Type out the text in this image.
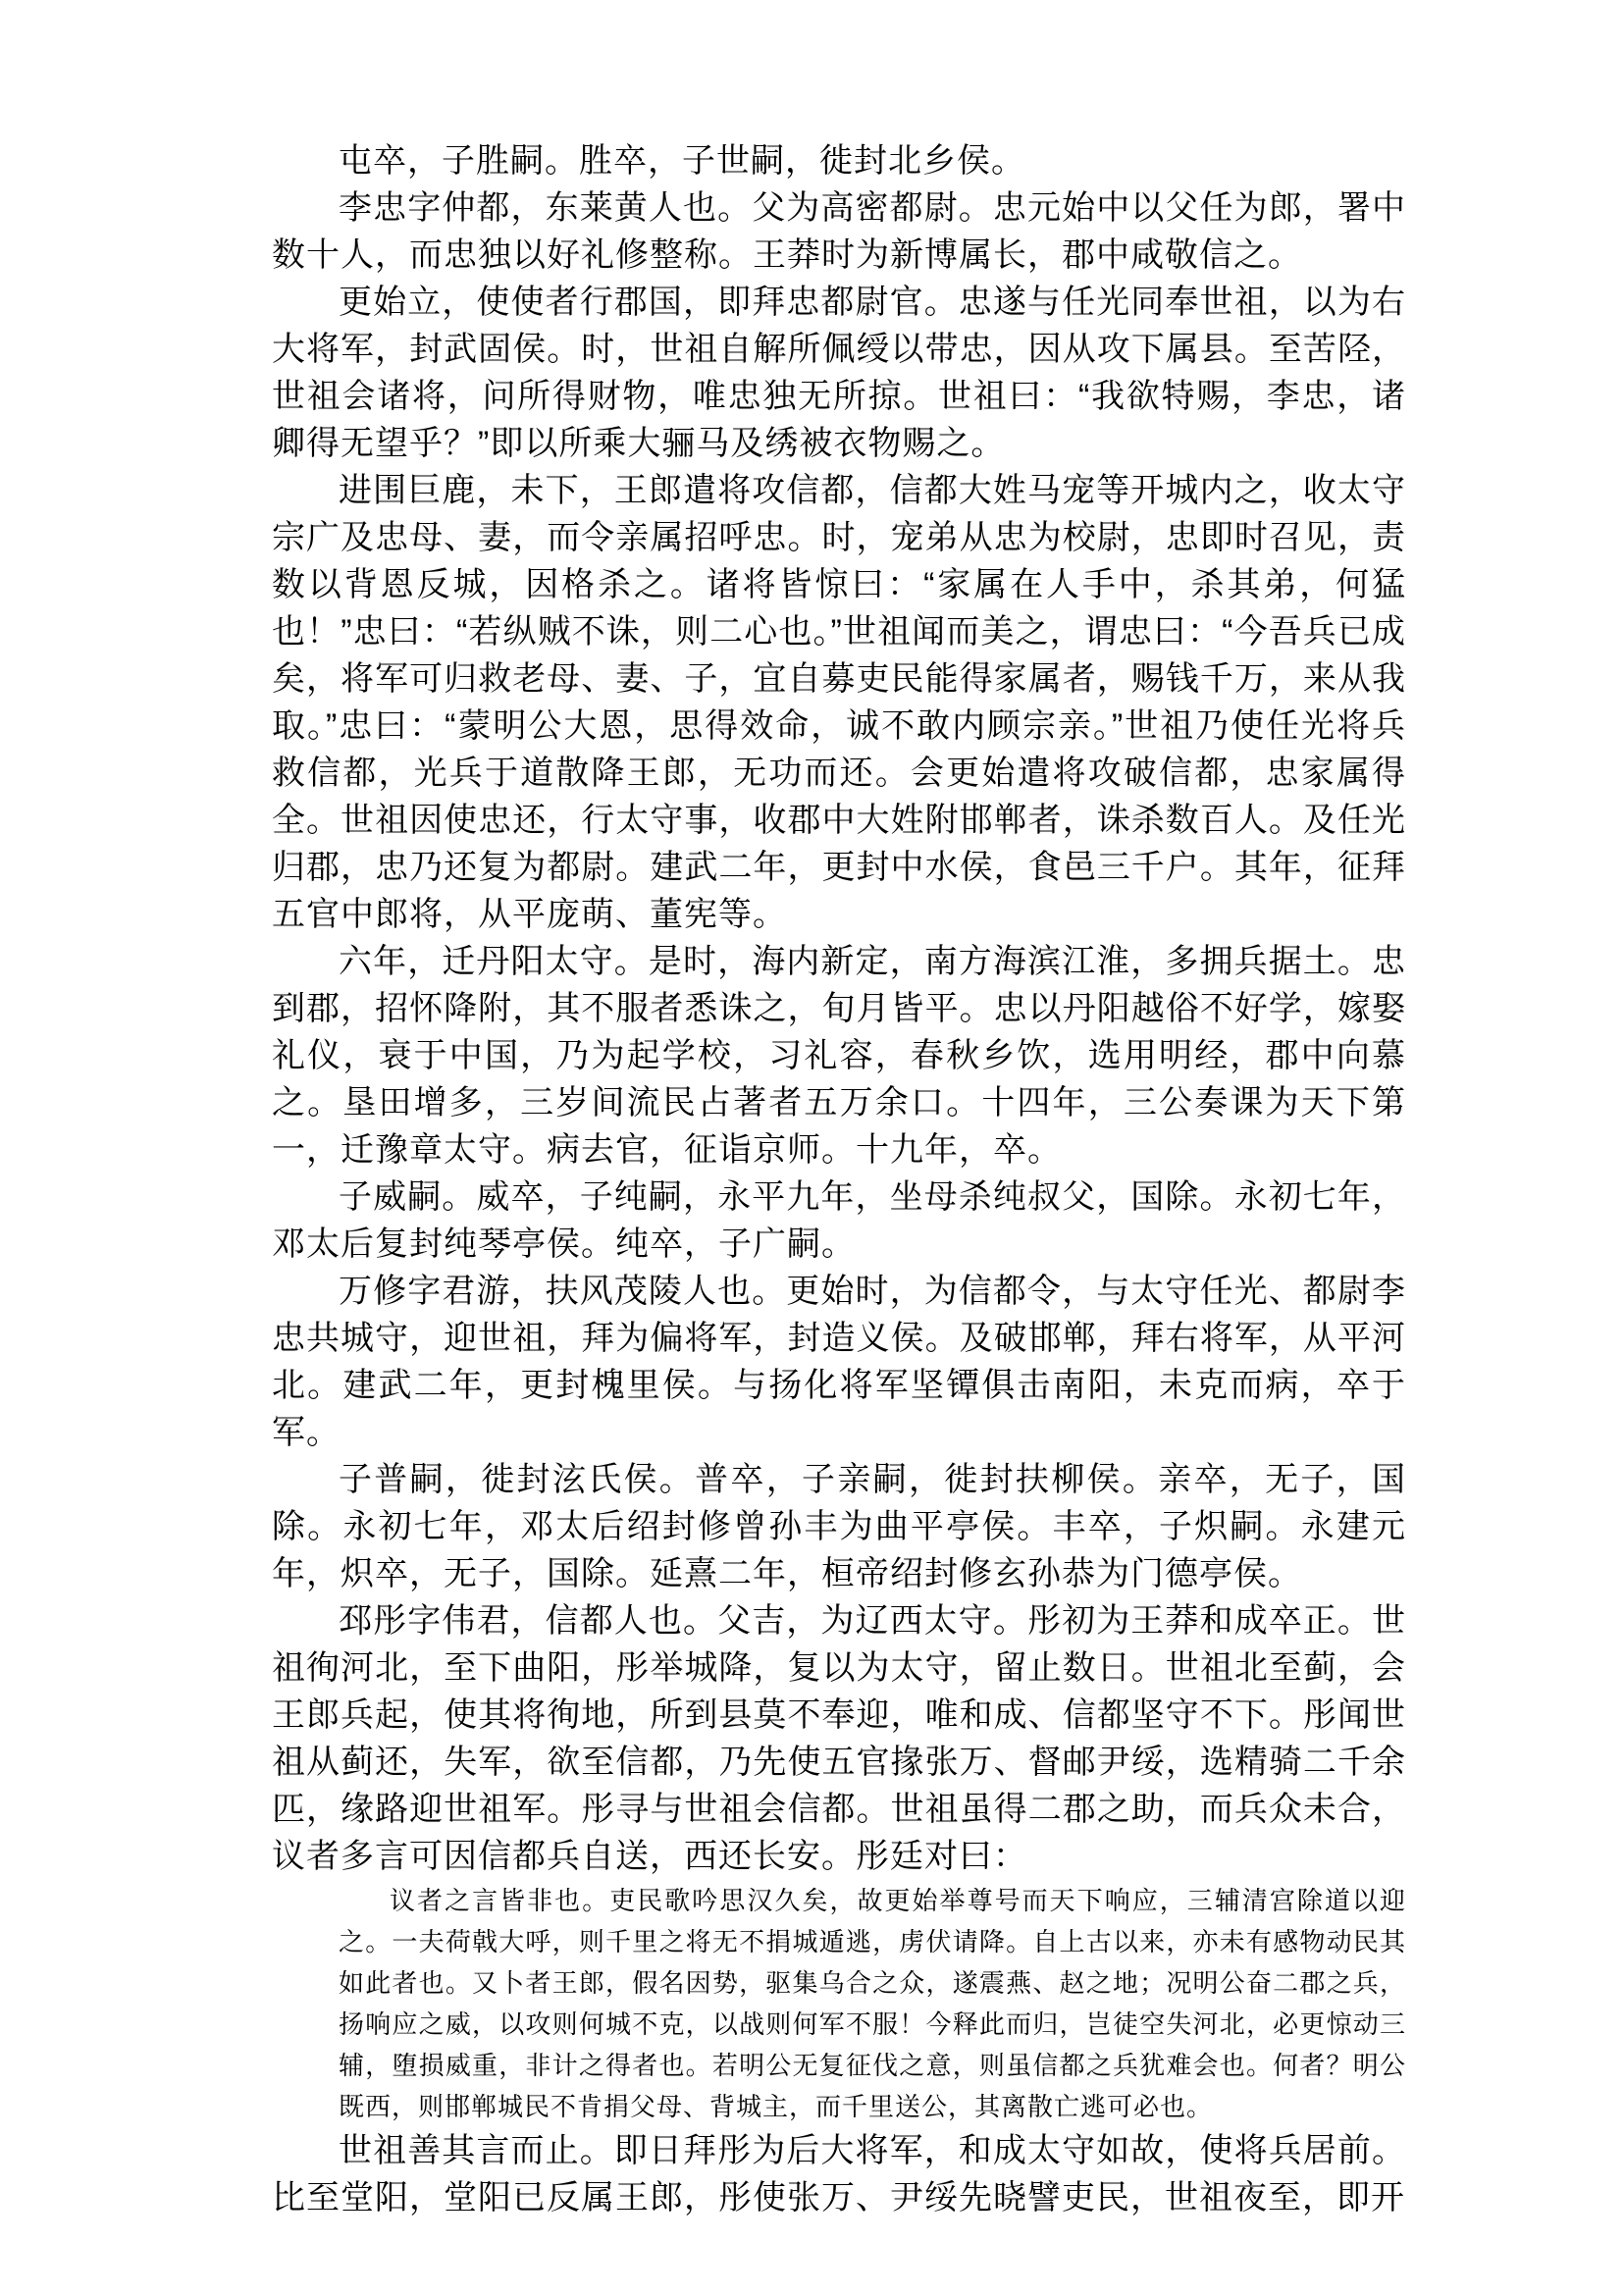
屯卒，子胜嗣。胜卒，子世嗣，徙封北乡侯。

李忠字仲都，东莱黄人也。父为高密都尉。忠元始中以父任为郎，署中数十人，而忠独以好礼修整称。王莽时为新博属长，郡中咸敬信之。

更始立，使使者行郡国，即拜忠都尉官。忠遂与任光同奉世祖，以为右大将军，封武固侯。时，世祖自解所佩绶以带忠，因从攻下属县。至苦陉，世祖会诸将，问所得财物，唯忠独无所掠。世祖曰：“我欲特赐，李忠，诸卿得无望乎？”即以所乘大骊马及绣被衣物赐之。

进围巨鹿，未下，王郎遣将攻信都，信都大姓马宠等开城内之，收太守宗广及忠母、妻，而令亲属招呼忠。时，宠弟从忠为校尉，忠即时召见，责数以背恩反城，因格杀之。诸将皆惊曰：“家属在人手中，杀其弟，何猛也！”忠曰：“若纵贼不诛，则二心也。”世祖闻而美之，谓忠曰：“今吾兵已成矣，将军可归救老母、妻、子，宜自募吏民能得家属者，赐钱千万，来从我取。”忠曰：“蒙明公大恩，思得效命，诚不敢内顾宗亲。”世祖乃使任光将兵救信都，光兵于道散降王郎，无功而还。会更始遣将攻破信都，忠家属得全。世祖因使忠还，行太守事，收郡中大姓附邯郸者，诛杀数百人。及任光归郡，忠乃还复为都尉。建武二年，更封中水侯，食邑三千户。其年，征拜五官中郎将，从平庞萌、董宪等。

六年，迁丹阳太守。是时，海内新定，南方海滨江淮，多拥兵据土。忠到郡，招怀降附，其不服者悉诛之，旬月皆平。忠以丹阳越俗不好学，嫁娶礼仪，衰于中国，乃为起学校，习礼容，春秋乡饮，选用明经，郡中向慕之。垦田增多，三岁间流民占著者五万余口。十四年，三公奏课为天下第一，迁豫章太守。病去官，征诣京师。十九年，卒。

子威嗣。威卒，子纯嗣，永平九年，坐母杀纯叔父，国除。永初七年，邓太后复封纯琴亭侯。纯卒，子广嗣。

万修字君游，扶风茂陵人也。更始时，为信都令，与太守任光、都尉李忠共城守，迎世祖，拜为偏将军，封造义侯。及破邯郸，拜右将军，从平河北。建武二年，更封槐里侯。与扬化将军坚镡俱击南阳，未克而病，卒于军。

子普嗣，徙封泫氏侯。普卒，子亲嗣，徙封扶柳侯。亲卒，无子，国除。永初七年，邓太后绍封修曾孙丰为曲平亭侯。丰卒，子炽嗣。永建元年，炽卒，无子，国除。延熹二年，桓帝绍封修玄孙恭为门德亭侯。

邳彤字伟君，信都人也。父吉，为辽西太守。彤初为王莽和成卒正。世祖徇河北，至下曲阳，彤举城降，复以为太守，留止数日。世祖北至蓟，会王郎兵起，使其将徇地，所到县莫不奉迎，唯和成、信都坚守不下。彤闻世祖从蓟还，失军，欲至信都，乃先使五官掾张万、督邮尹绥，选精骑二千余匹，缘路迎世祖军。彤寻与世祖会信都。世祖虽得二郡之助，而兵众未合，议者多言可因信都兵自送，西还长安。彤廷对曰：

议者之言皆非也。吏民歌吟思汉久矣，故更始举尊号而天下响应，三辅清宫除道以迎之。一夫荷戟大呼，则千里之将无不捐城遁逃，虏伏请降。自上古以来，亦未有感物动民其如此者也。又卜者王郎，假名因势，驱集乌合之众，遂震燕、赵之地；况明公奋二郡之兵，扬响应之威，以攻则何城不克，以战则何军不服！今释此而归，岂徒空失河北，必更惊动三辅，堕损威重，非计之得者也。若明公无复征伐之意，则虽信都之兵犹难会也。何者？明公既西，则邯郸城民不肯捐父母、背城主，而千里送公，其离散亡逃可必也。

世祖善其言而止。即日拜彤为后大将军，和成太守如故，使将兵居前。比至堂阳，堂阳已反属王郎，彤使张万、尹绥先晓譬吏民，世祖夜至，即开
